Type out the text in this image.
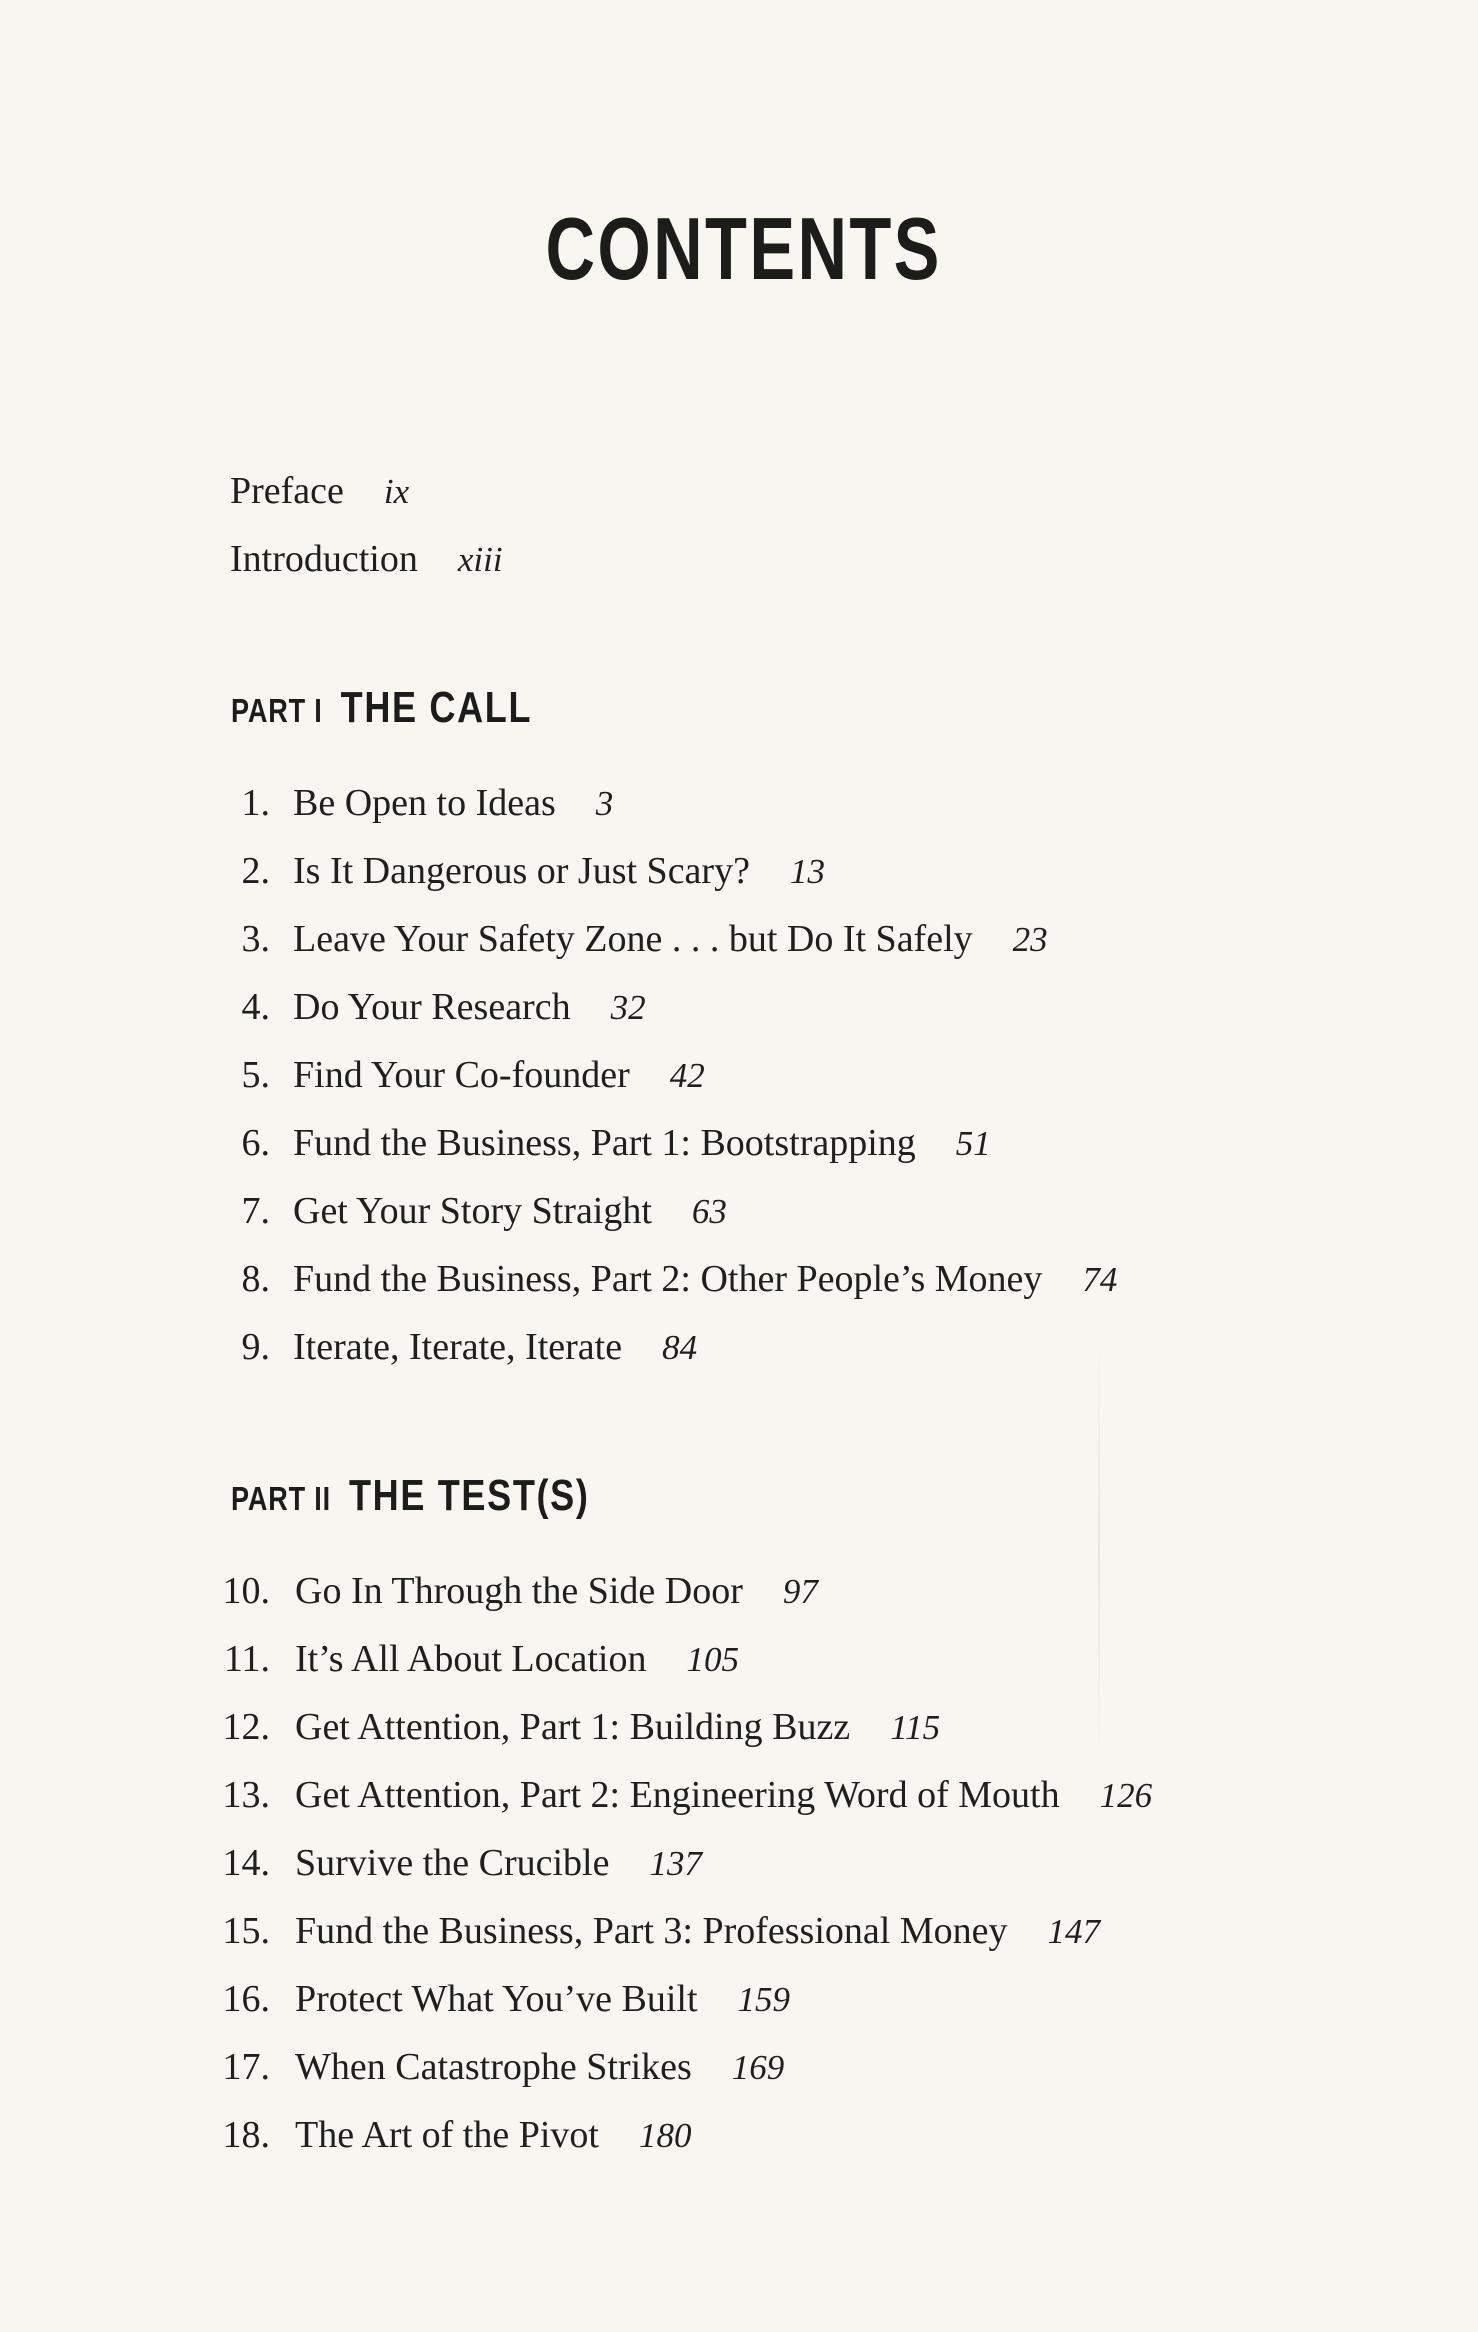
CONTENTS
Preface ix
Introduction xiii
PART I THE CALL
1. Be Open to Ideas 3
2. Is It Dangerous or Just Scary? 13
3. Leave Your Safety Zone . . . but Do It Safely 23
4. Do Your Research 32
5. Find Your Co-founder 42
6. Fund the Business, Part 1: Bootstrapping 51
7. Get Your Story Straight 63
8. Fund the Business, Part 2: Other People’s Money 74
9. Iterate, Iterate, Iterate 84
PART II THE TEST(S)
10. Go In Through the Side Door 97
11. It’s All About Location 105
12. Get Attention, Part 1: Building Buzz 115
13. Get Attention, Part 2: Engineering Word of Mouth 126
14. Survive the Crucible 137
15. Fund the Business, Part 3: Professional Money 147
16. Protect What You’ve Built 159
17. When Catastrophe Strikes 169
18. The Art of the Pivot 180
